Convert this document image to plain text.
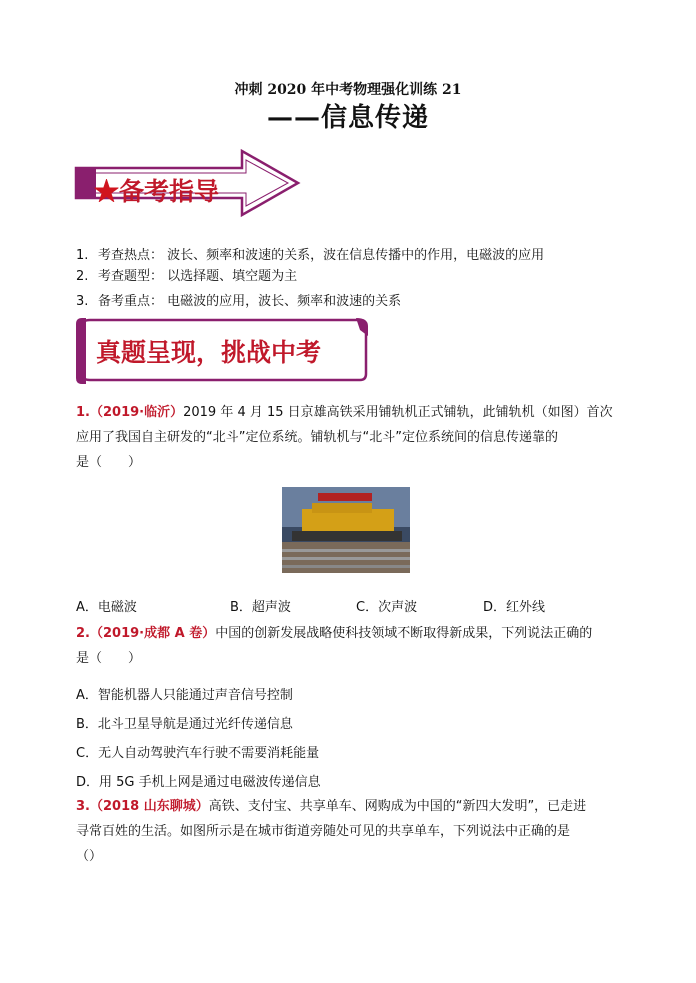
冲刺 2020 年中考物理强化训练 21
——信息传递
★备考指导
1. 考查热点： 波长、频率和波速的关系，波在信息传播中的作用，电磁波的应用
2. 考查题型： 以选择题、填空题为主
3. 备考重点： 电磁波的应用，波长、频率和波速的关系
真题呈现，挑战中考
1.（2019·临沂）2019 年 4 月 15 日京雄高铁采用铺轨机正式铺轨，此铺轨机（如图）首次
应用了我国自主研发的“北斗”定位系统。铺轨机与“北斗”定位系统间的信息传递靠的
是（　　）
A．电磁波	B．超声波	C．次声波	D．红外线
2.（2019·成都 A 卷）中国的创新发展战略使科技领域不断取得新成果，下列说法正确的
是（　　）
A．智能机器人只能通过声音信号控制
B．北斗卫星导航是通过光纤传递信息
C．无人自动驾驶汽车行驶不需要消耗能量
D．用 5G 手机上网是通过电磁波传递信息
3.（2018 山东聊城）高铁、支付宝、共享单车、网购成为中国的“新四大发明”，已走进
寻常百姓的生活。如图所示是在城市街道旁随处可见的共享单车，下列说法中正确的是
（）
